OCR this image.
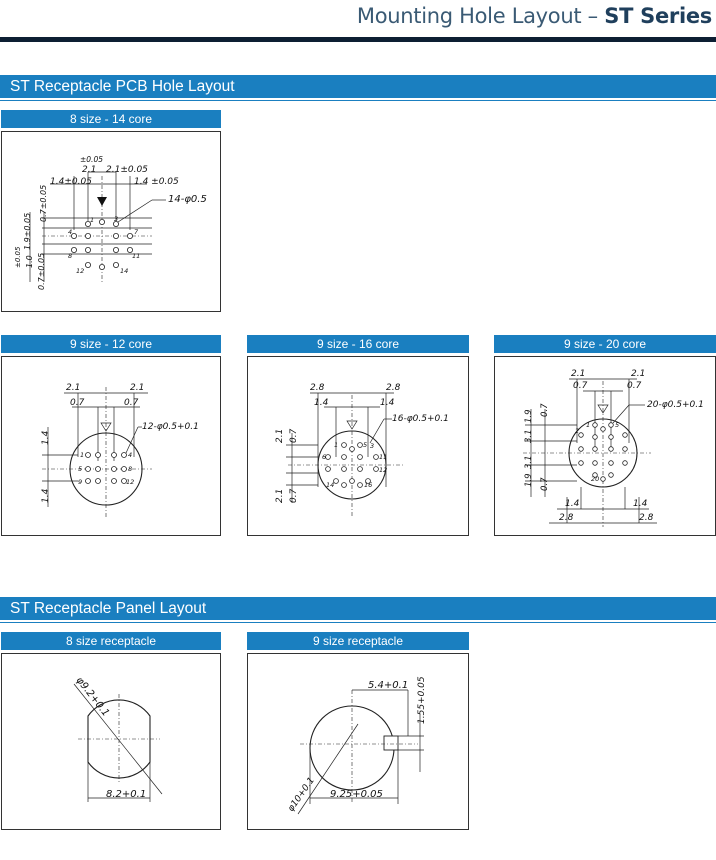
Mounting Hole Layout – ST Series
ST Receptacle PCB Hole Layout
ST Receptacle Panel Layout
8 size - 14 core
±0.05
2.1 2.1±0.05
1.4±0.05	1.4 ±0.05
14-φ0.5
0.7±0.05
1.9±0.05
1.0
±0.05 0.7±0.05
1	3
4	7
8	11
12	14
9 size - 12 core
2.1	2.1
0.7	0.7
12-φ0.5+0.1
1.4
1.4
1	4
5	8
9	12
9 size - 16 core
2.8	2.8
1.4	1.4
16-φ0.5+0.1
2.1 0.7
2.1 0.7
1	5
6	11
12
14	16
3
9 size - 20 core
2.1	2.1
0.7	0.7
20-φ0.5+0.1
0.7
1.9
3.1
3.1
1.9 0.7
1.4	1.4
2.8	2.8
1
2
5
20
8 size receptacle
φ9.2+0.1
8.2+0.1
9 size receptacle
5.4+0.1 1.55+0.05
φ10+0.1 9.25+0.05
